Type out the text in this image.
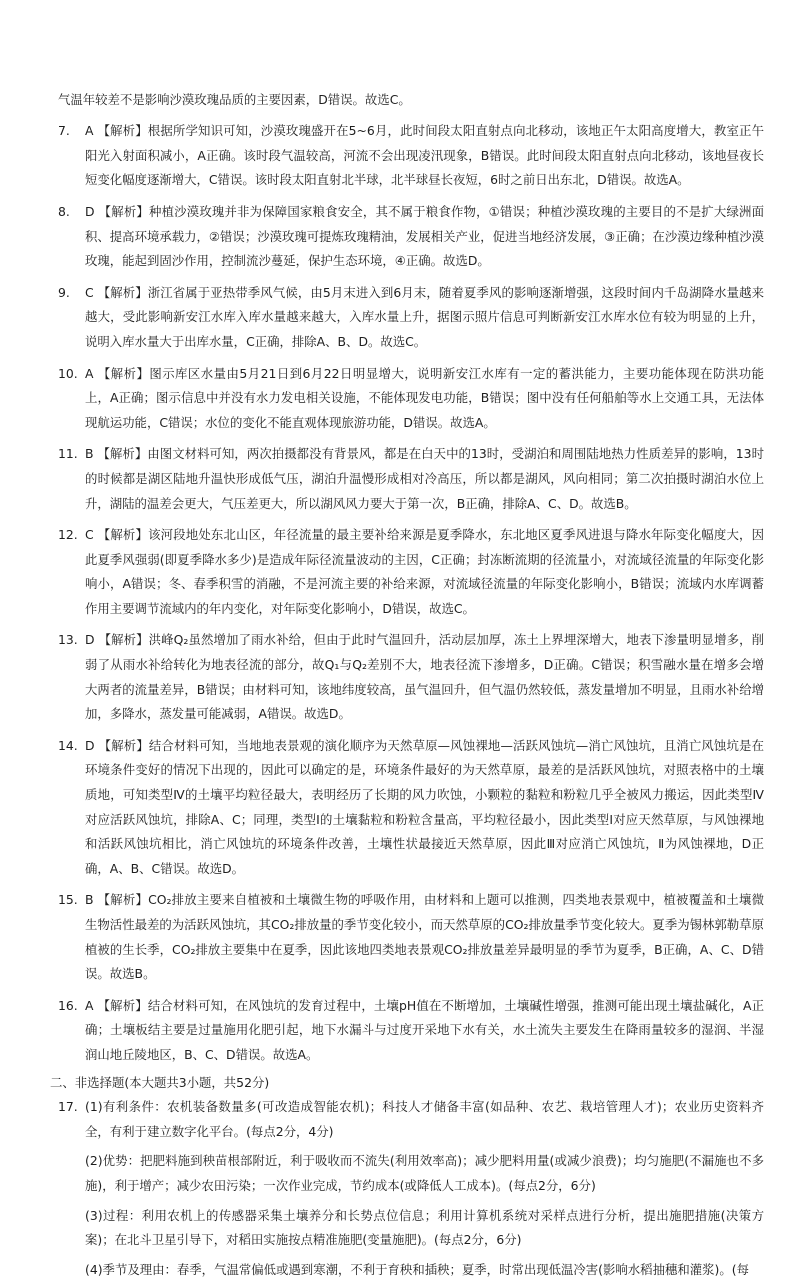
气温年较差不是影响沙漠玫瑰品质的主要因素，D错误。故选C。

7.	A 【解析】根据所学知识可知，沙漠玫瑰盛开在5~6月，此时间段太阳直射点向北移动，该地正午太阳高度增大，教室正午阳光入射面积减小，A正确。该时段气温较高，河流不会出现凌汛现象，B错误。此时间段太阳直射点向北移动，该地昼夜长短变化幅度逐渐增大，C错误。该时段太阳直射北半球，北半球昼长夜短，6时之前日出东北，D错误。故选A。
8.	D 【解析】种植沙漠玫瑰并非为保障国家粮食安全，其不属于粮食作物，①错误；种植沙漠玫瑰的主要目的不是扩大绿洲面积、提高环境承载力，②错误；沙漠玫瑰可提炼玫瑰精油，发展相关产业，促进当地经济发展，③正确；在沙漠边缘种植沙漠玫瑰，能起到固沙作用，控制流沙蔓延，保护生态环境，④正确。故选D。
9.	C 【解析】浙江省属于亚热带季风气候，由5月末进入到6月末，随着夏季风的影响逐渐增强，这段时间内千岛湖降水量越来越大，受此影响新安江水库入库水量越来越大，入库水量上升，据图示照片信息可判断新安江水库水位有较为明显的上升，说明入库水量大于出库水量，C正确，排除A、B、D。故选C。
10. A 【解析】图示库区水量由5月21日到6月22日明显增大，说明新安江水库有一定的蓄洪能力，主要功能体现在防洪功能上，A正确；图示信息中并没有水力发电相关设施，不能体现发电功能，B错误；图中没有任何船舶等水上交通工具，无法体现航运功能，C错误；水位的变化不能直观体现旅游功能，D错误。故选A。
11. B 【解析】由图文材料可知，两次拍摄都没有背景风，都是在白天中的13时，受湖泊和周围陆地热力性质差异的影响，13时的时候都是湖区陆地升温快形成低气压，湖泊升温慢形成相对冷高压，所以都是湖风，风向相同；第二次拍摄时湖泊水位上升，湖陆的温差会更大，气压差更大，所以湖风风力要大于第一次，B正确，排除A、C、D。故选B。
12. C 【解析】该河段地处东北山区，年径流量的最主要补给来源是夏季降水，东北地区夏季风进退与降水年际变化幅度大，因此夏季风强弱(即夏季降水多少)是造成年际径流量波动的主因，C正确；封冻断流期的径流量小，对流域径流量的年际变化影响小，A错误；冬、春季积雪的消融，不是河流主要的补给来源，对流域径流量的年际变化影响小，B错误；流域内水库调蓄作用主要调节流域内的年内变化，对年际变化影响小，D错误，故选C。
13. D 【解析】洪峰Q₂虽然增加了雨水补给，但由于此时气温回升，活动层加厚，冻土上界埋深增大，地表下渗量明显增多，削弱了从雨水补给转化为地表径流的部分，故Q₁与Q₂差别不大，地表径流下渗增多，D正确。C错误；积雪融水量在增多会增大两者的流量差异，B错误；由材料可知，该地纬度较高，虽气温回升，但气温仍然较低，蒸发量增加不明显，且雨水补给增加，多降水，蒸发量可能减弱，A错误。故选D。
14. D 【解析】结合材料可知，当地地表景观的演化顺序为天然草原—风蚀裸地—活跃风蚀坑—消亡风蚀坑，且消亡风蚀坑是在环境条件变好的情况下出现的，因此可以确定的是，环境条件最好的为天然草原，最差的是活跃风蚀坑，对照表格中的土壤质地，可知类型Ⅳ的土壤平均粒径最大，表明经历了长期的风力吹蚀，小颗粒的黏粒和粉粒几乎全被风力搬运，因此类型Ⅳ对应活跃风蚀坑，排除A、C；同理，类型Ⅰ的土壤黏粒和粉粒含量高，平均粒径最小，因此类型Ⅰ对应天然草原，与风蚀裸地和活跃风蚀坑相比，消亡风蚀坑的环境条件改善，土壤性状最接近天然草原，因此Ⅲ对应消亡风蚀坑，Ⅱ为风蚀裸地，D正确，A、B、C错误。故选D。
15. B 【解析】CO₂排放主要来自植被和土壤微生物的呼吸作用，由材料和上题可以推测，四类地表景观中，植被覆盖和土壤微生物活性最差的为活跃风蚀坑，其CO₂排放量的季节变化较小，而天然草原的CO₂排放量季节变化较大。夏季为锡林郭勒草原植被的生长季，CO₂排放主要集中在夏季，因此该地四类地表景观CO₂排放量差异最明显的季节为夏季，B正确，A、C、D错误。故选B。
16. A 【解析】结合材料可知，在风蚀坑的发育过程中，土壤pH值在不断增加，土壤碱性增强，推测可能出现土壤盐碱化，A正确；土壤板结主要是过量施用化肥引起，地下水漏斗与过度开采地下水有关，水土流失主要发生在降雨量较多的湿润、半湿润山地丘陵地区，B、C、D错误。故选A。
二、非选择题(本大题共3小题，共52分)
17. (1)有利条件：农机装备数量多(可改造成智能农机)；科技人才储备丰富(如品种、农艺、栽培管理人才)；农业历史资料齐全，有利于建立数字化平台。(每点2分，4分)
(2)优势：把肥料施到秧苗根部附近，利于吸收而不流失(利用效率高)；减少肥料用量(或减少浪费)；均匀施肥(不漏施也不多施)，利于增产；减少农田污染；一次作业完成，节约成本(或降低人工成本)。(每点2分，6分)
(3)过程：利用农机上的传感器采集土壤养分和长势点位信息；利用计算机系统对采样点进行分析，提出施肥措施(决策方案)；在北斗卫星引导下，对稻田实施按点精准施肥(变量施肥)。(每点2分，6分)
(4)季节及理由：春季，气温常偏低或遇到寒潮，不利于育秧和插秧；夏季，时常出现低温冷害(影响水稻抽穗和灌浆)。(每
